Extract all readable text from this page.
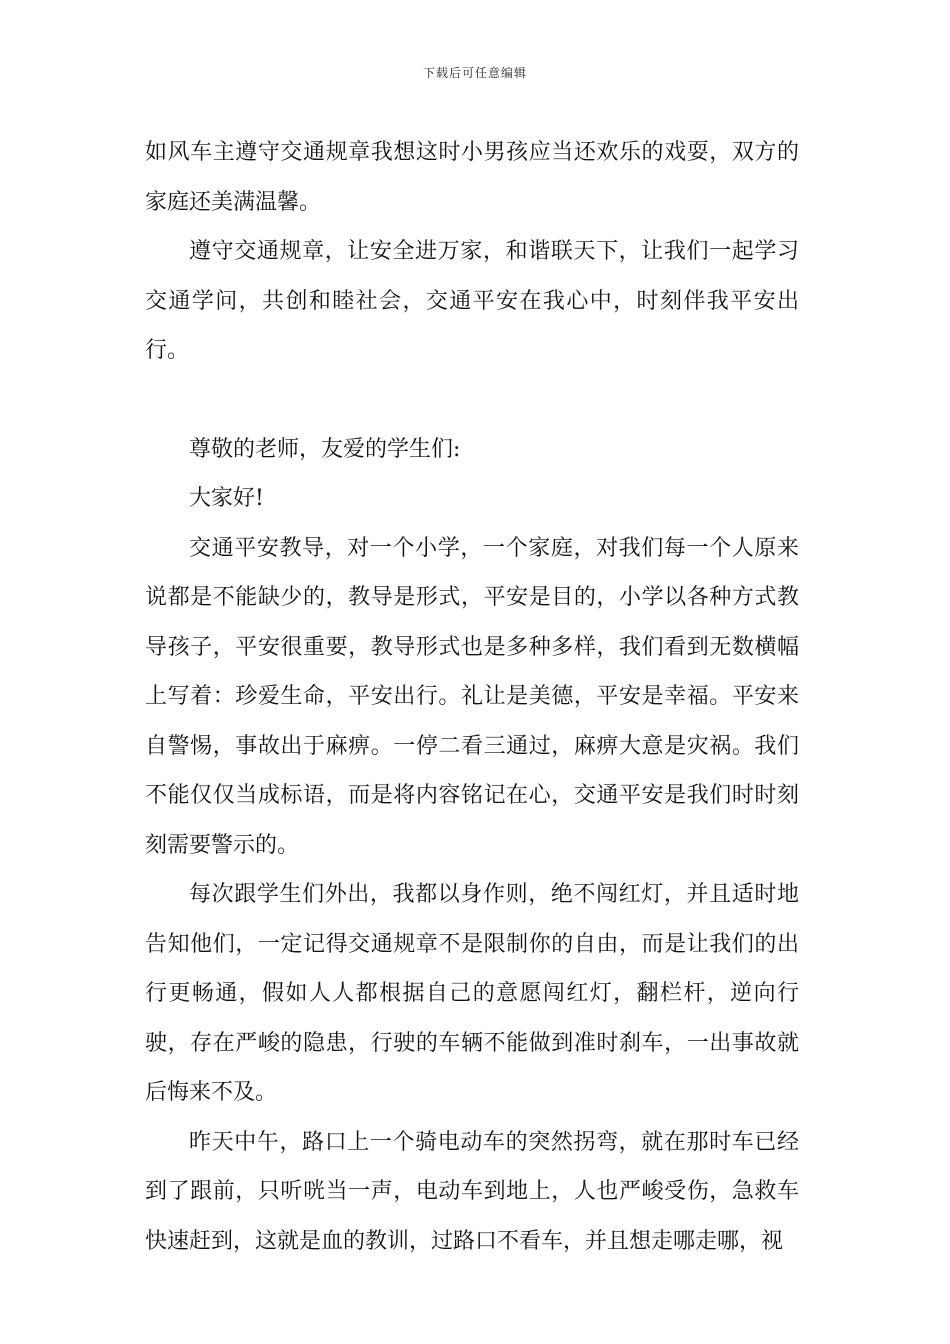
下载后可任意编辑

如风车主遵守交通规章我想这时小男孩应当还欢乐的戏耍，双方的家庭还美满温馨。

遵守交通规章，让安全进万家，和谐联天下，让我们一起学习交通学问，共创和睦社会，交通平安在我心中，时刻伴我平安出行。

尊敬的老师，友爱的学生们:

大家好!

交通平安教导，对一个小学，一个家庭，对我们每一个人原来说都是不能缺少的，教导是形式，平安是目的，小学以各种方式教导孩子，平安很重要，教导形式也是多种多样，我们看到无数横幅上写着：珍爱生命，平安出行。礼让是美德，平安是幸福。平安来自警惕，事故出于麻痹。一停二看三通过，麻痹大意是灾祸。我们不能仅仅当成标语，而是将内容铭记在心，交通平安是我们时时刻刻需要警示的。

每次跟学生们外出，我都以身作则，绝不闯红灯，并且适时地告知他们，一定记得交通规章不是限制你的自由，而是让我们的出行更畅通，假如人人都根据自己的意愿闯红灯，翻栏杆，逆向行驶，存在严峻的隐患，行驶的车辆不能做到准时刹车，一出事故就后悔来不及。

昨天中午，路口上一个骑电动车的突然拐弯，就在那时车已经到了跟前，只听咣当一声，电动车到地上，人也严峻受伤，急救车快速赶到，这就是血的教训，过路口不看车，并且想走哪走哪，视
